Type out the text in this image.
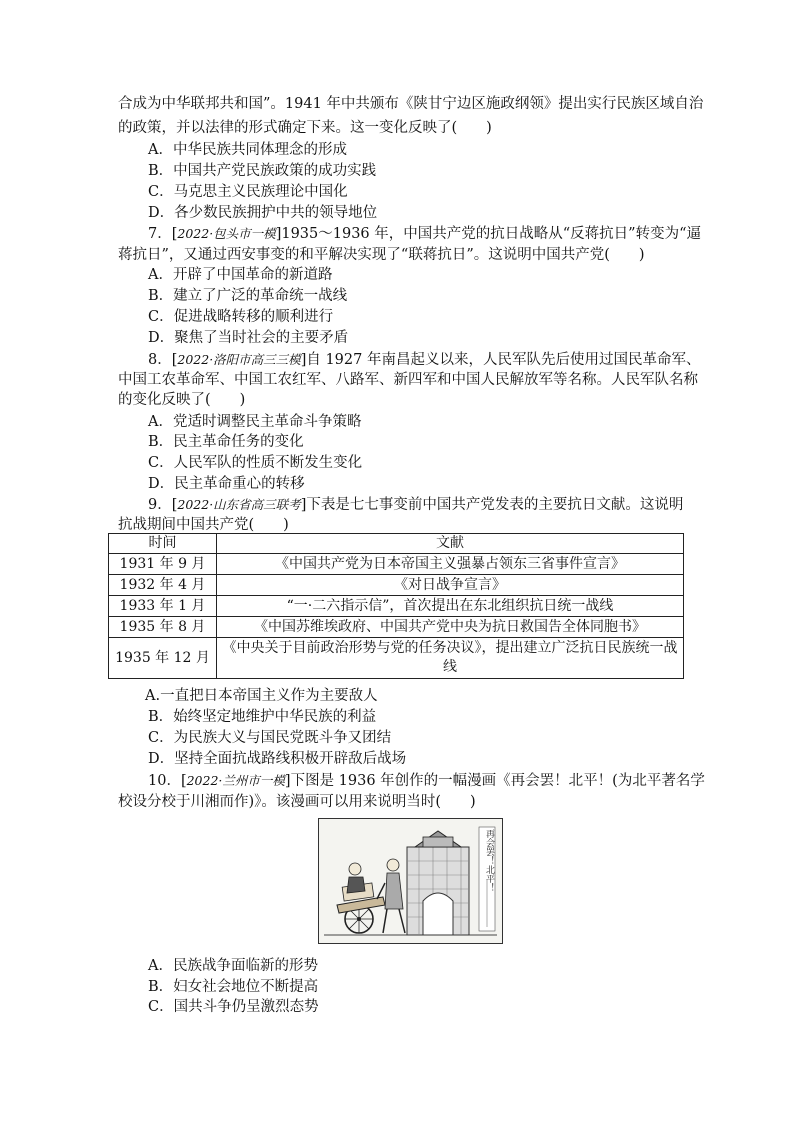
合成为中华联邦共和国”。1941 年中共颁布《陕甘宁边区施政纲领》提出实行民族区域自治
的政策，并以法律的形式确定下来。这一变化反映了(　　)
A．中华民族共同体理念的形成
B．中国共产党民族政策的成功实践
C．马克思主义民族理论中国化
D．各少数民族拥护中共的领导地位
7．[2022·包头市一模]1935～1936 年，中国共产党的抗日战略从“反蒋抗日”转变为“逼
蒋抗日”，又通过西安事变的和平解决实现了“联蒋抗日”。这说明中国共产党(　　)
A．开辟了中国革命的新道路
B．建立了广泛的革命统一战线
C．促进战略转移的顺利进行
D．聚焦了当时社会的主要矛盾
8．[2022·洛阳市高三三模]自 1927 年南昌起义以来，人民军队先后使用过国民革命军、
中国工农革命军、中国工农红军、八路军、新四军和中国人民解放军等名称。人民军队名称
的变化反映了(　　)
A．党适时调整民主革命斗争策略
B．民主革命任务的变化
C．人民军队的性质不断发生变化
D．民主革命重心的转移
9．[2022·山东省高三联考]下表是七七事变前中国共产党发表的主要抗日文献。这说明
抗战期间中国共产党(　　)
时间	文献
1931 年 9 月	《中国共产党为日本帝国主义强暴占领东三省事件宣言》
1932 年 4 月	《对日战争宣言》
1933 年 1 月	“一·二六指示信”，首次提出在东北组织抗日统一战线
1935 年 8 月	《中国苏维埃政府、中国共产党中央为抗日救国告全体同胞书》
1935 年 12 月	《中央关于目前政治形势与党的任务决议》，提出建立广泛抗日民族统一战
线
A.一直把日本帝国主义作为主要敌人
B．始终坚定地维护中华民族的利益
C．为民族大义与国民党既斗争又团结
D．坚持全面抗战路线积极开辟敌后战场
10．[2022·兰州市一模]下图是 1936 年创作的一幅漫画《再会罢！北平！(为北平著名学
校设分校于川湘而作)》。该漫画可以用来说明当时(　　)
再会罢！北平！
A．民族战争面临新的形势
B．妇女社会地位不断提高
C．国共斗争仍呈激烈态势
